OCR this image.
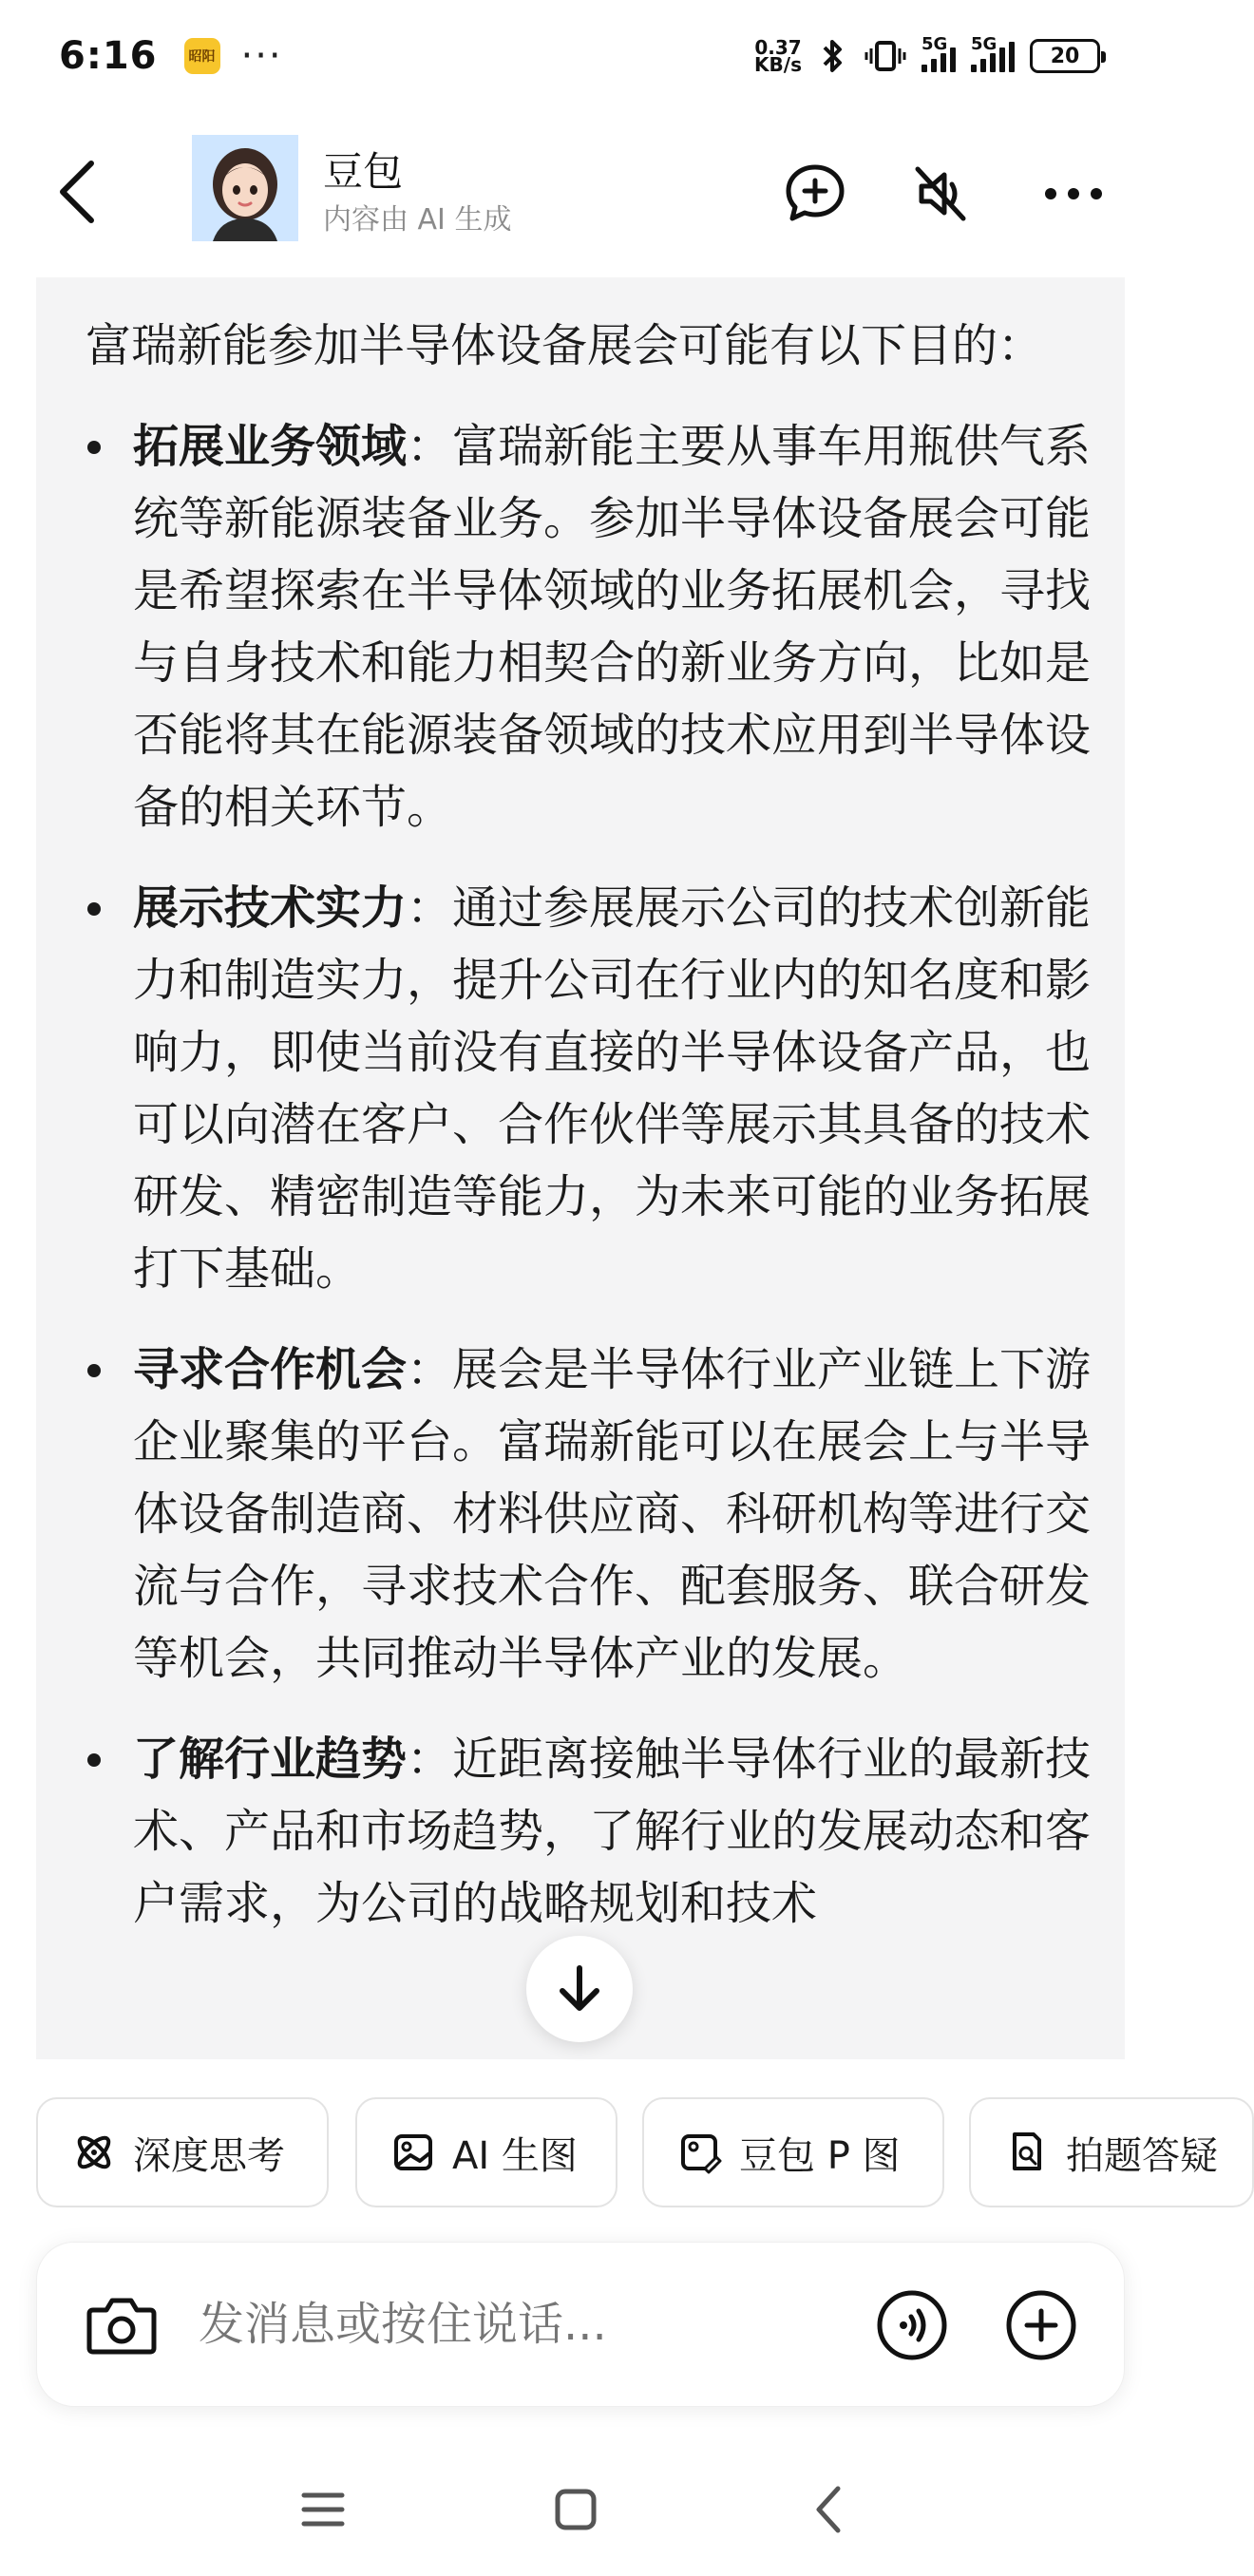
6:16	昭阳 ···	0.37
KB/s
5G 5G	20
豆包
内容由 AI 生成

富瑞新能参加半导体设备展会可能有以下目的：

拓展业务领域：富瑞新能主要从事车用瓶供气系统等新能源装备业务。参加半导体设备展会可能是希望探索在半导体领域的业务拓展机会，寻找与自身技术和能力相契合的新业务方向，比如是否能将其在能源装备领域的技术应用到半导体设备的相关环节。
展示技术实力：通过参展展示公司的技术创新能力和制造实力，提升公司在行业内的知名度和影响力，即使当前没有直接的半导体设备产品，也可以向潜在客户、合作伙伴等展示其具备的技术研发、精密制造等能力，为未来可能的业务拓展打下基础。
寻求合作机会：展会是半导体行业产业链上下游企业聚集的平台。富瑞新能可以在展会上与半导体设备制造商、材料供应商、科研机构等进行交流与合作，寻求技术合作、配套服务、联合研发等机会，共同推动半导体产业的发展。
了解行业趋势：近距离接触半导体行业的最新技术、产品和市场趋势，了解行业的发展动态和客户需求，为公司的战略规划和技术
深度思考	AI 生图	豆包 P 图	拍题答疑
发消息或按住说话...
